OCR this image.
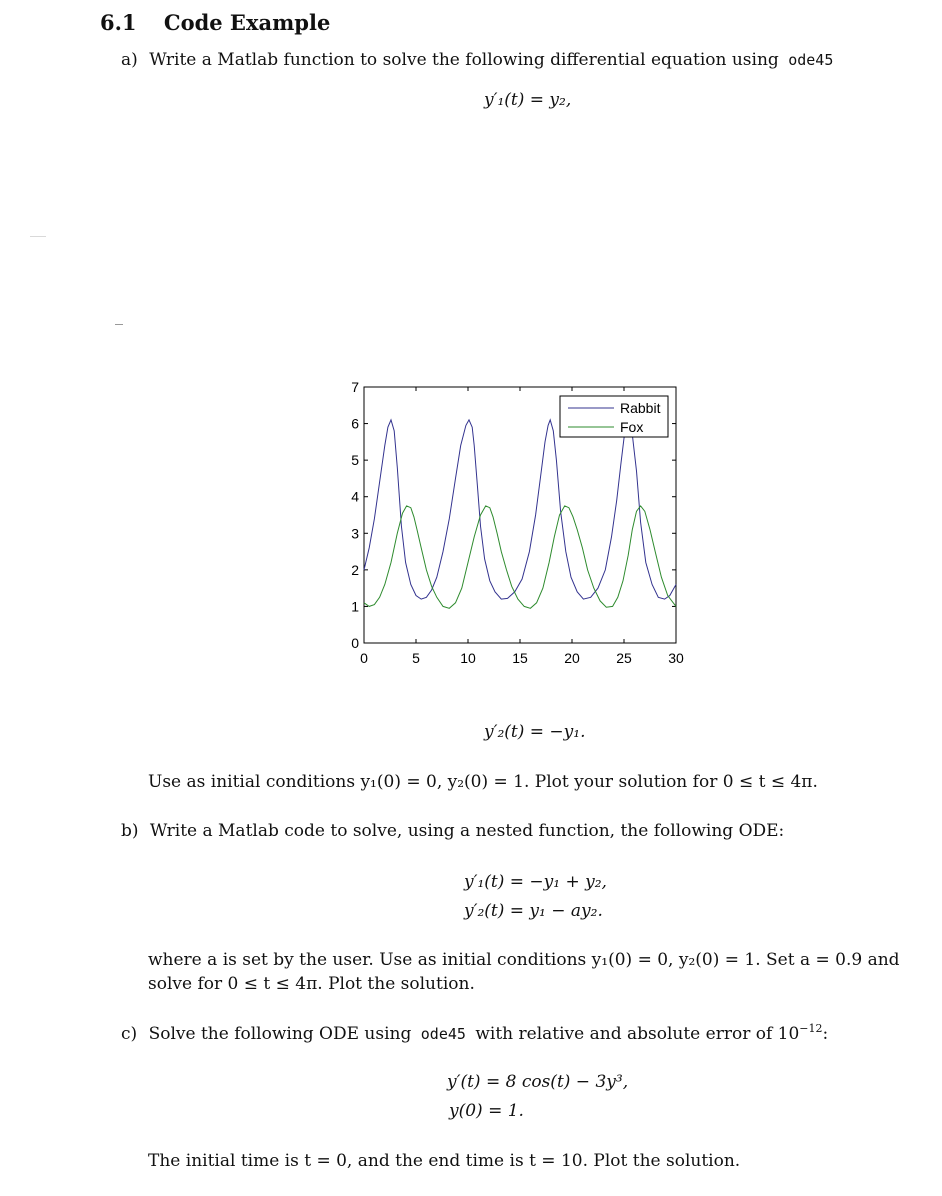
6.1 Code Example
a) Write a Matlab function to solve the following differential equation using ode45
y′₁(t) = y₂,
0	5	10	15	20	25	30
0
1
2
3
4
5
6
7
Rabbit
Fox
y′₂(t) = −y₁.
Use as initial conditions y₁(0) = 0, y₂(0) = 1. Plot your solution for 0 ≤ t ≤ 4π.
b) Write a Matlab code to solve, using a nested function, the following ODE:
y′₁(t) = −y₁ + y₂,
y′₂(t) = y₁ − ay₂.
where a is set by the user. Use as initial conditions y₁(0) = 0, y₂(0) = 1. Set a = 0.9 and
solve for 0 ≤ t ≤ 4π. Plot the solution.
c) Solve the following ODE using ode45 with relative and absolute error of $10^{-12}$:
y′(t) = 8 cos(t) − 3y³,
y(0) = 1.
The initial time is t = 0, and the end time is t = 10. Plot the solution.
